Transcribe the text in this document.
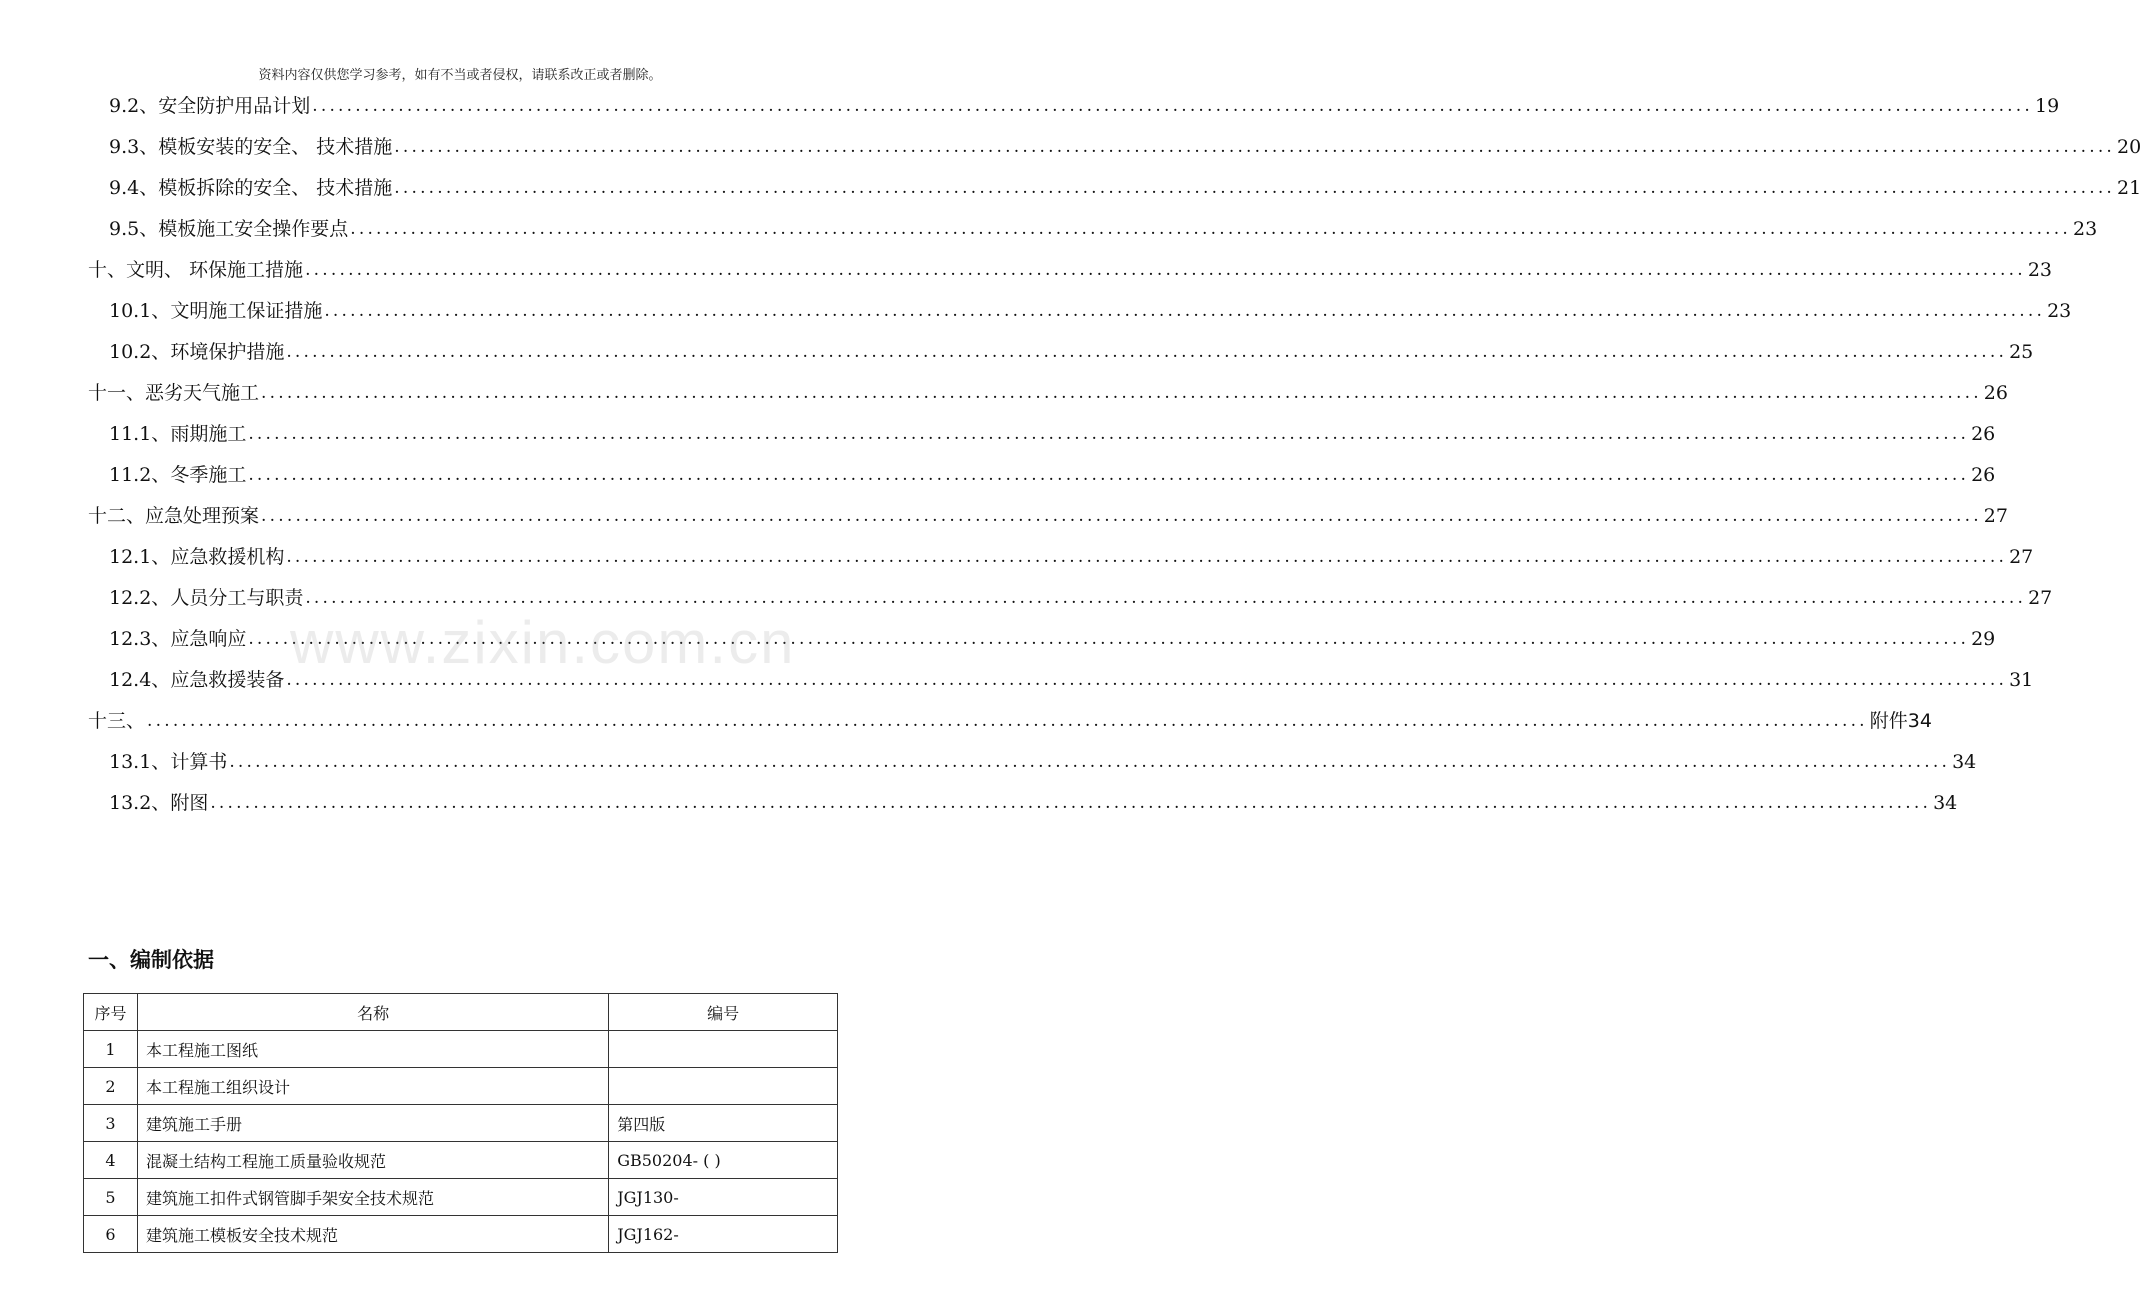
资料内容仅供您学习参考，如有不当或者侵权，请联系改正或者删除。
9.2、 安全防护用品计划 ........................................................................................................................................................................................................ 19
9.3、 模板安装的安全、 技术措施 ........................................................................................................................................................................................................ 20
9.4、 模板拆除的安全、 技术措施 ........................................................................................................................................................................................................ 21
9.5、 模板施工安全操作要点 ........................................................................................................................................................................................................ 23
十、 文明、 环保施工措施 ........................................................................................................................................................................................................ 23
10.1、 文明施工保证措施 ........................................................................................................................................................................................................ 23
10.2、 环境保护措施 ........................................................................................................................................................................................................ 25
十一、 恶劣天气施工 ........................................................................................................................................................................................................ 26
11.1、 雨期施工 ........................................................................................................................................................................................................ 26
11.2、 冬季施工 ........................................................................................................................................................................................................ 26
十二、 应急处理预案 ........................................................................................................................................................................................................ 27
12.1、 应急救援机构 ........................................................................................................................................................................................................ 27
12.2、 人员分工与职责 ........................................................................................................................................................................................................ 27
12.3、 应急响应 ........................................................................................................................................................................................................ 29
12.4、 应急救援装备 ........................................................................................................................................................................................................ 31
十三、 ........................................................................................................................................................................................................ 附件34
13.1、 计算书 ........................................................................................................................................................................................................ 34
13.2、 附图 ........................................................................................................................................................................................................ 34
www.zixin.com.cn
一、编制依据
序号	名称	编号
1	本工程施工图纸	
2	本工程施工组织设计	
3	建筑施工手册	第四版
4	混凝土结构工程施工质量验收规范	GB50204- ( )
5	建筑施工扣件式钢管脚手架安全技术规范	JGJ130-
6	建筑施工模板安全技术规范	JGJ162-
